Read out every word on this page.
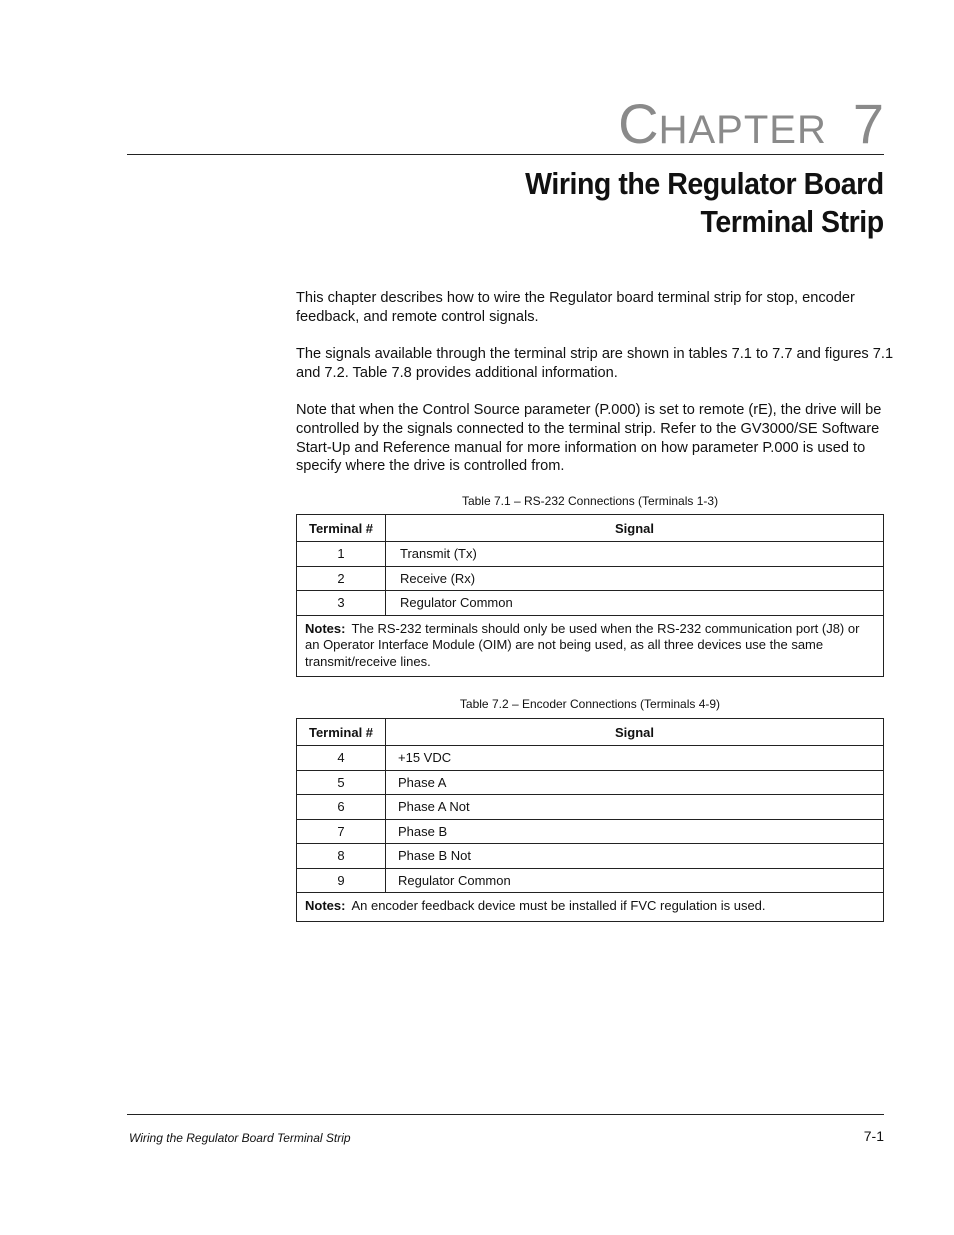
CHAPTER 7
Wiring the Regulator Board
Terminal Strip

This chapter describes how to wire the Regulator board terminal strip for stop, encoder feedback, and remote control signals.

The signals available through the terminal strip are shown in tables 7.1 to 7.7 and figures 7.1 and 7.2. Table 7.8 provides additional information.

Note that when the Control Source parameter (P.000) is set to remote (rE), the drive will be controlled by the signals connected to the terminal strip. Refer to the GV3000/SE Software Start-Up and Reference manual for more information on how parameter P.000 is used to specify where the drive is controlled from.

Table 7.1 – RS-232 Connections (Terminals 1-3)
Terminal #	Signal
1	Transmit (Tx)
2	Receive (Rx)
3	Regulator Common
Notes: The RS-232 terminals should only be used when the RS-232 communication port (J8) or an Operator Interface Module (OIM) are not being used, as all three devices use the same transmit/receive lines.	
Table 7.2 – Encoder Connections (Terminals 4-9)
Terminal #	Signal
4	+15 VDC
5	Phase A
6	Phase A Not
7	Phase B
8	Phase B Not
9	Regulator Common
Notes: An encoder feedback device must be installed if FVC regulation is used.	
Wiring the Regulator Board Terminal Strip	7-1
